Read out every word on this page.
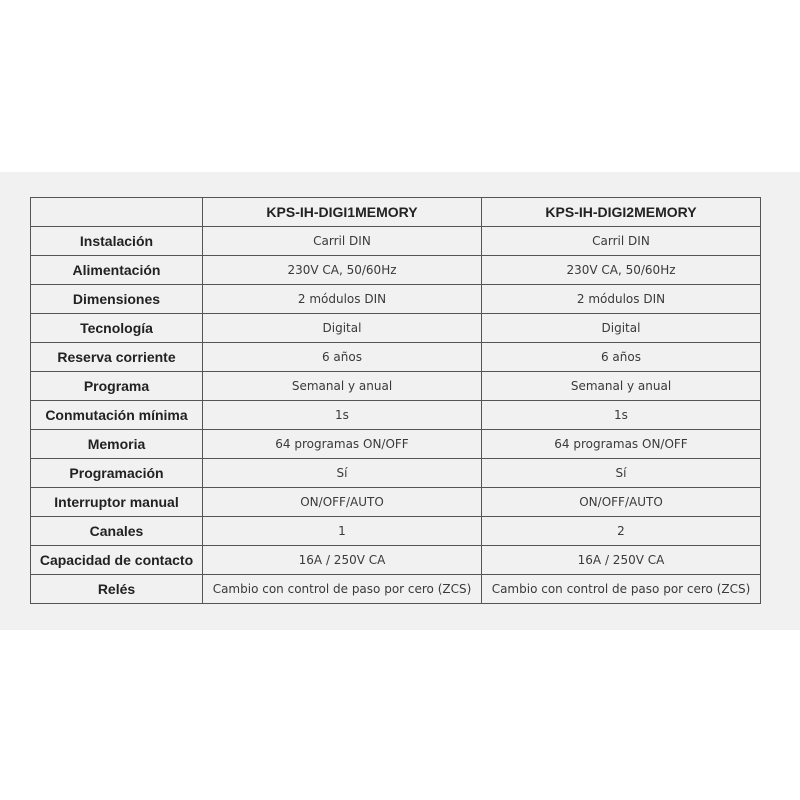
	KPS-IH-DIGI1MEMORY	KPS-IH-DIGI2MEMORY
Instalación	Carril DIN	Carril DIN
Alimentación	230V CA, 50/60Hz	230V CA, 50/60Hz
Dimensiones	2 módulos DIN	2 módulos DIN
Tecnología	Digital	Digital
Reserva corriente	6 años	6 años
Programa	Semanal y anual	Semanal y anual
Conmutación mínima	1s	1s
Memoria	64 programas ON/OFF	64 programas ON/OFF
Programación	Sí	Sí
Interruptor manual	ON/OFF/AUTO	ON/OFF/AUTO
Canales	1	2
Capacidad de contacto	16A / 250V CA	16A / 250V CA
Relés	Cambio con control de paso por cero (ZCS)	Cambio con control de paso por cero (ZCS)
